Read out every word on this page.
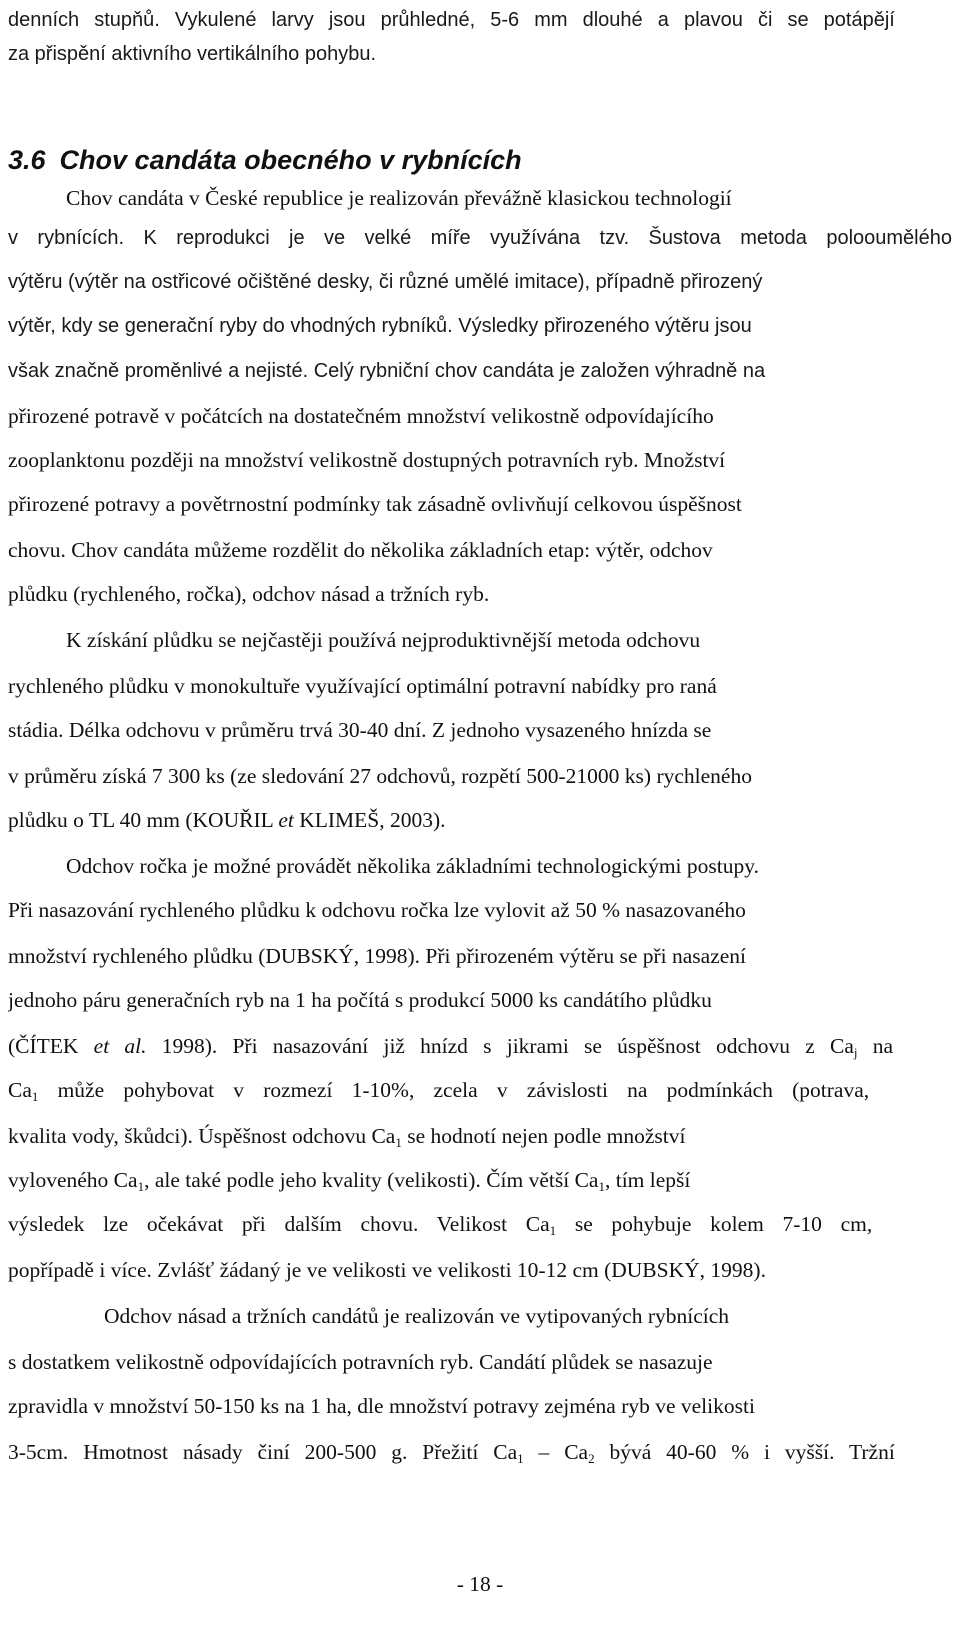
denních stupňů. Vykulené larvy jsou průhledné, 5-6 mm dlouhé a plavou či se potápějí
za přispění aktivního vertikálního pohybu.
3.6 Chov candáta obecného v rybnících
Chov candáta v České republice je realizován převážně klasickou technologií
v rybnících. K reprodukci je ve velké míře využívána tzv. Šustova metoda polooumělého
výtěru (výtěr na ostřicové očištěné desky, či různé umělé imitace), případně přirozený
výtěr, kdy se generační ryby do vhodných rybníků. Výsledky přirozeného výtěru jsou
však značně proměnlivé a nejisté. Celý rybniční chov candáta je založen výhradně na
přirozené potravě v počátcích na dostatečném množství velikostně odpovídajícího
zooplanktonu později na množství velikostně dostupných potravních ryb. Množství
přirozené potravy a povětrnostní podmínky tak zásadně ovlivňují celkovou úspěšnost
chovu. Chov candáta můžeme rozdělit do několika základních etap: výtěr, odchov
plůdku (rychleného, ročka), odchov násad a tržních ryb.
K získání plůdku se nejčastěji používá nejproduktivnější metoda odchovu
rychleného plůdku v monokultuře využívající optimální potravní nabídky pro raná
stádia. Délka odchovu v průměru trvá 30-40 dní. Z jednoho vysazeného hnízda se
v průměru získá 7 300 ks (ze sledování 27 odchovů, rozpětí 500-21000 ks) rychleného
plůdku o TL 40 mm (KOUŘIL et KLIMEŠ, 2003).
Odchov ročka je možné provádět několika základními technologickými postupy.
Při nasazování rychleného plůdku k odchovu ročka lze vylovit až 50 % nasazovaného
množství rychleného plůdku (DUBSKÝ, 1998). Při přirozeném výtěru se při nasazení
jednoho páru generačních ryb na 1 ha počítá s produkcí 5000 ks candátího plůdku
(ČÍTEK et al. 1998). Při nasazování již hnízd s jikrami se úspěšnost odchovu z $Ca_j$ na
$Ca_1$ může pohybovat v rozmezí 1-10%, zcela v závislosti na podmínkách (potrava,
kvalita vody, škůdci). Úspěšnost odchovu $Ca_1$ se hodnotí nejen podle množství
vyloveného $Ca_1$, ale také podle jeho kvality (velikosti). Čím větší $Ca_1$, tím lepší
výsledek lze očekávat při dalším chovu. Velikost $Ca_1$ se pohybuje kolem 7-10 cm,
popřípadě i více. Zvlášť žádaný je ve velikosti ve velikosti 10-12 cm (DUBSKÝ, 1998).
Odchov násad a tržních candátů je realizován ve vytipovaných rybnících
s dostatkem velikostně odpovídajících potravních ryb. Candátí plůdek se nasazuje
zpravidla v množství 50-150 ks na 1 ha, dle množství potravy zejména ryb ve velikosti
3-5cm. Hmotnost násady činí 200-500 g. Přežití $Ca_1 - Ca_2$ bývá 40-60 % i vyšší. Tržní
- 18 -
